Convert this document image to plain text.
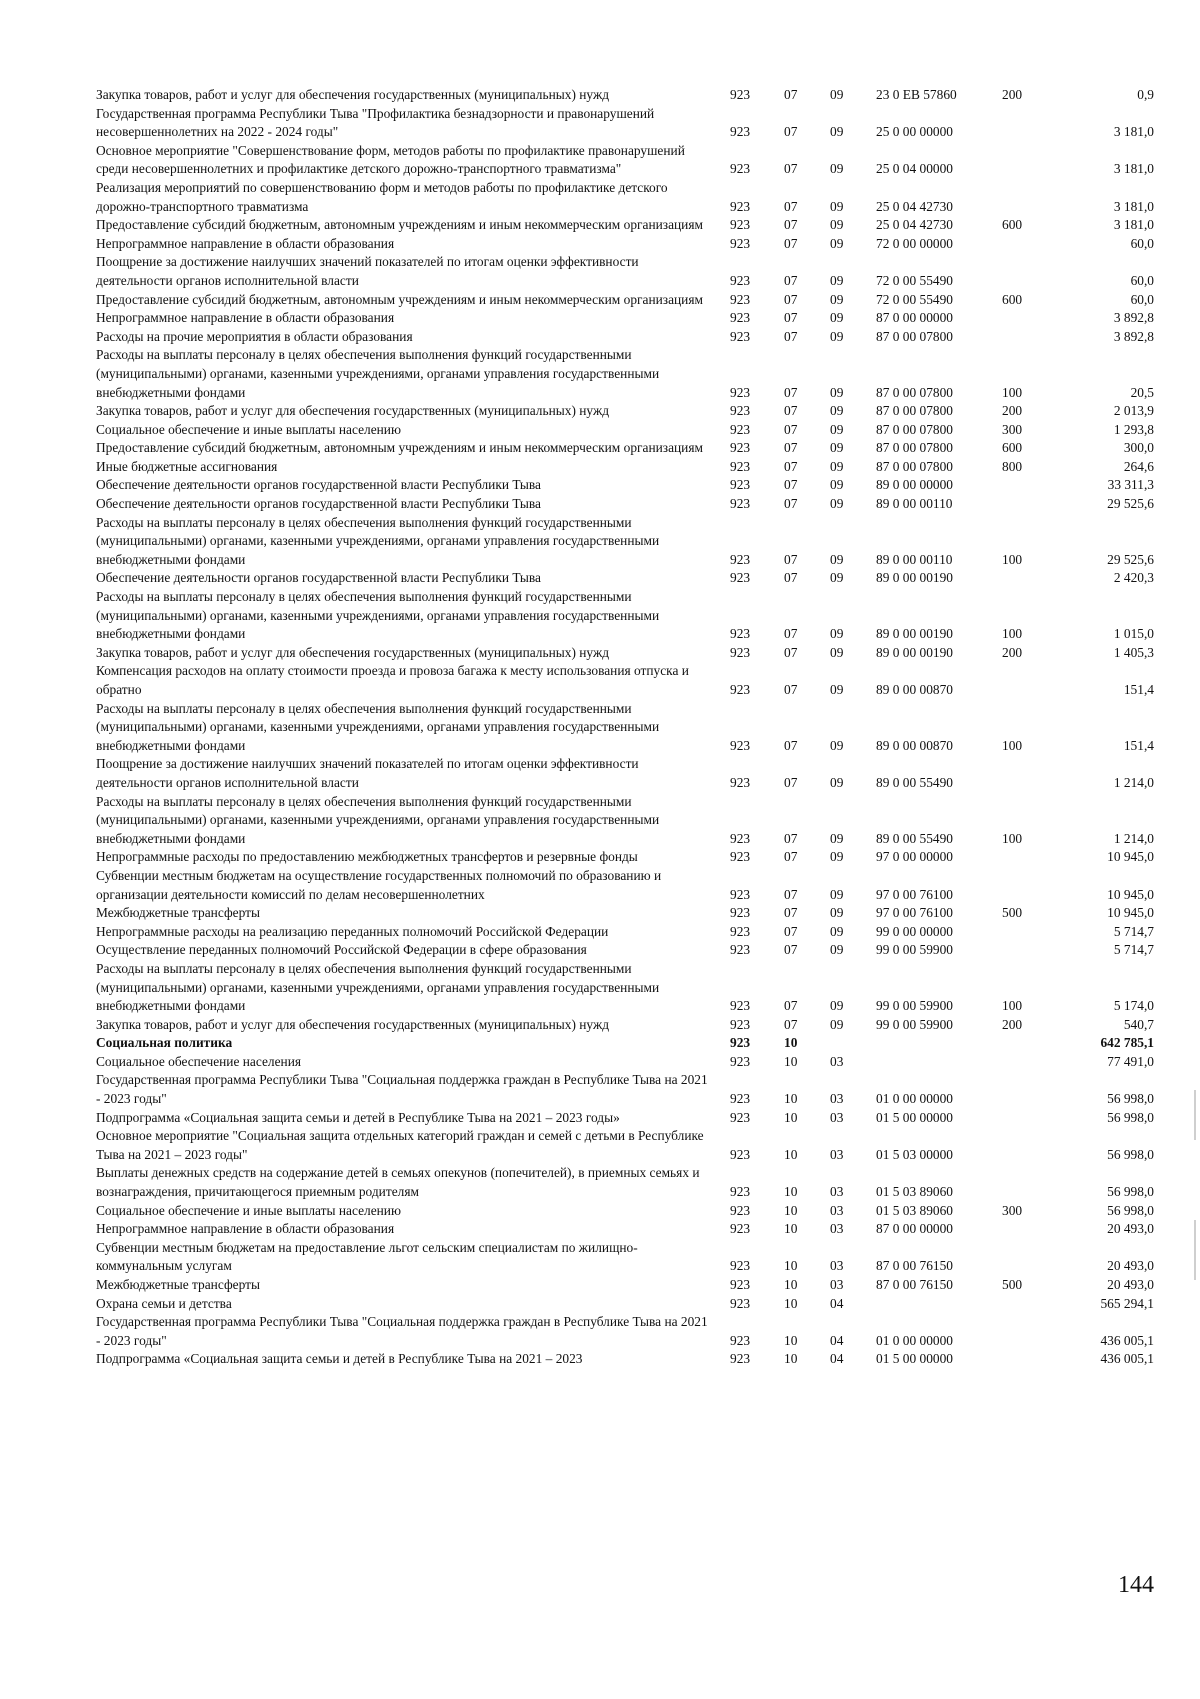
Закупка товаров, работ и услуг для обеспечения государственных (муниципальных) нужд	923	07	09	23 0 EB 57860	200	0,9
Государственная программа Республики Тыва "Профилактика безнадзорности и правонарушений несовершеннолетних на 2022 - 2024 годы"	923	07	09	25 0 00 00000		3 181,0
Основное мероприятие "Совершенствование форм, методов работы по профилактике правонарушений среди несовершеннолетних и профилактике детского дорожно-транспортного травматизма"	923	07	09	25 0 04 00000		3 181,0
Реализация мероприятий по совершенствованию форм и методов работы по профилактике детского дорожно-транспортного травматизма	923	07	09	25 0 04 42730		3 181,0
Предоставление субсидий бюджетным, автономным учреждениям и иным некоммерческим организациям	923	07	09	25 0 04 42730	600	3 181,0
Непрограммное направление в области образования	923	07	09	72 0 00 00000		60,0
Поощрение за достижение наилучших значений показателей по итогам оценки эффективности деятельности органов исполнительной власти	923	07	09	72 0 00 55490		60,0
Предоставление субсидий бюджетным, автономным учреждениям и иным некоммерческим организациям	923	07	09	72 0 00 55490	600	60,0
Непрограммное направление в области образования	923	07	09	87 0 00 00000		3 892,8
Расходы на прочие мероприятия в области образования	923	07	09	87 0 00 07800		3 892,8
Расходы на выплаты персоналу в целях обеспечения выполнения функций государственными (муниципальными) органами, казенными учреждениями, органами управления государственными внебюджетными фондами	923	07	09	87 0 00 07800	100	20,5
Закупка товаров, работ и услуг для обеспечения государственных (муниципальных) нужд	923	07	09	87 0 00 07800	200	2 013,9
Социальное обеспечение и иные выплаты населению	923	07	09	87 0 00 07800	300	1 293,8
Предоставление субсидий бюджетным, автономным учреждениям и иным некоммерческим организациям	923	07	09	87 0 00 07800	600	300,0
Иные бюджетные ассигнования	923	07	09	87 0 00 07800	800	264,6
Обеспечение деятельности органов государственной власти Республики Тыва	923	07	09	89 0 00 00000		33 311,3
Обеспечение деятельности органов государственной власти Республики Тыва	923	07	09	89 0 00 00110		29 525,6
Расходы на выплаты персоналу в целях обеспечения выполнения функций государственными (муниципальными) органами, казенными учреждениями, органами управления государственными внебюджетными фондами	923	07	09	89 0 00 00110	100	29 525,6
Обеспечение деятельности органов государственной власти Республики Тыва	923	07	09	89 0 00 00190		2 420,3
Расходы на выплаты персоналу в целях обеспечения выполнения функций государственными (муниципальными) органами, казенными учреждениями, органами управления государственными внебюджетными фондами	923	07	09	89 0 00 00190	100	1 015,0
Закупка товаров, работ и услуг для обеспечения государственных (муниципальных) нужд	923	07	09	89 0 00 00190	200	1 405,3
Компенсация расходов на оплату стоимости проезда и провоза багажа к месту использования отпуска и обратно	923	07	09	89 0 00 00870		151,4
Расходы на выплаты персоналу в целях обеспечения выполнения функций государственными (муниципальными) органами, казенными учреждениями, органами управления государственными внебюджетными фондами	923	07	09	89 0 00 00870	100	151,4
Поощрение за достижение наилучших значений показателей по итогам оценки эффективности деятельности органов исполнительной власти	923	07	09	89 0 00 55490		1 214,0
Расходы на выплаты персоналу в целях обеспечения выполнения функций государственными (муниципальными) органами, казенными учреждениями, органами управления государственными внебюджетными фондами	923	07	09	89 0 00 55490	100	1 214,0
Непрограммные расходы по предоставлению межбюджетных трансфертов и резервные фонды	923	07	09	97 0 00 00000		10 945,0
Субвенции местным бюджетам на осуществление государственных полномочий по образованию и организации деятельности комиссий по делам несовершеннолетних	923	07	09	97 0 00 76100		10 945,0
Межбюджетные трансферты	923	07	09	97 0 00 76100	500	10 945,0
Непрограммные расходы на реализацию переданных полномочий Российской Федерации	923	07	09	99 0 00 00000		5 714,7
Осуществление переданных полномочий Российской Федерации в сфере образования	923	07	09	99 0 00 59900		5 714,7
Расходы на выплаты персоналу в целях обеспечения выполнения функций государственными (муниципальными) органами, казенными учреждениями, органами управления государственными внебюджетными фондами	923	07	09	99 0 00 59900	100	5 174,0
Закупка товаров, работ и услуг для обеспечения государственных (муниципальных) нужд	923	07	09	99 0 00 59900	200	540,7
Социальная политика	923	10				642 785,1
Социальное обеспечение населения	923	10	03			77 491,0
Государственная программа Республики Тыва "Социальная поддержка граждан в Республике Тыва на 2021 - 2023 годы"	923	10	03	01 0 00 00000		56 998,0
Подпрограмма «Социальная защита семьи и детей в Республике Тыва на 2021 – 2023 годы»	923	10	03	01 5 00 00000		56 998,0
Основное мероприятие "Социальная защита отдельных категорий граждан и семей с детьми в Республике Тыва на 2021 – 2023 годы"	923	10	03	01 5 03 00000		56 998,0
Выплаты денежных средств на содержание детей в семьях опекунов (попечителей), в приемных семьях и вознаграждения, причитающегося приемным родителям	923	10	03	01 5 03 89060		56 998,0
Социальное обеспечение и иные выплаты населению	923	10	03	01 5 03 89060	300	56 998,0
Непрограммное направление в области образования	923	10	03	87 0 00 00000		20 493,0
Субвенции местным бюджетам на предоставление льгот сельским специалистам по жилищно-коммунальным услугам	923	10	03	87 0 00 76150		20 493,0
Межбюджетные трансферты	923	10	03	87 0 00 76150	500	20 493,0
Охрана семьи и детства	923	10	04			565 294,1
Государственная программа Республики Тыва "Социальная поддержка граждан в Республике Тыва на 2021 - 2023 годы"	923	10	04	01 0 00 00000		436 005,1
Подпрограмма «Социальная защита семьи и детей в Республике Тыва на 2021 – 2023	923	10	04	01 5 00 00000		436 005,1
144
